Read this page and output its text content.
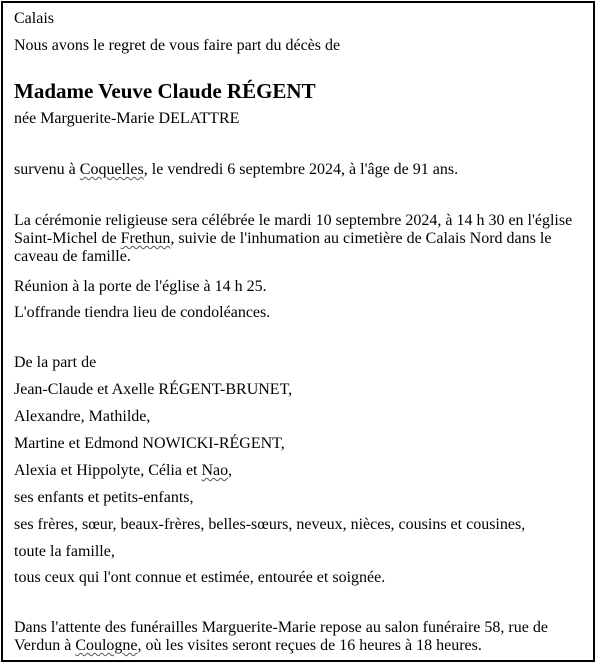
Calais
Nous avons le regret de vous faire part du décès de
Madame Veuve Claude RÉGENT
née Marguerite-Marie DELATTRE
survenu à Coquelles, le vendredi 6 septembre 2024, à l'âge de 91 ans.
La cérémonie religieuse sera célébrée le mardi 10 septembre 2024, à 14 h 30 en l'église Saint-Michel de Frethun, suivie de l'inhumation au cimetière de Calais Nord dans le caveau de famille.
Réunion à la porte de l'église à 14 h 25.
L'offrande tiendra lieu de condoléances.
De la part de
Jean-Claude et Axelle RÉGENT-BRUNET,
Alexandre, Mathilde,
Martine et Edmond NOWICKI-RÉGENT,
Alexia et Hippolyte, Célia et Nao,
ses enfants et petits-enfants,
ses frères, sœur, beaux-frères, belles-sœurs, neveux, nièces, cousins et cousines,
toute la famille,
tous ceux qui l'ont connue et estimée, entourée et soignée.
Dans l'attente des funérailles Marguerite-Marie repose au salon funéraire 58, rue de Verdun à Coulogne, où les visites seront reçues de 16 heures à 18 heures.
